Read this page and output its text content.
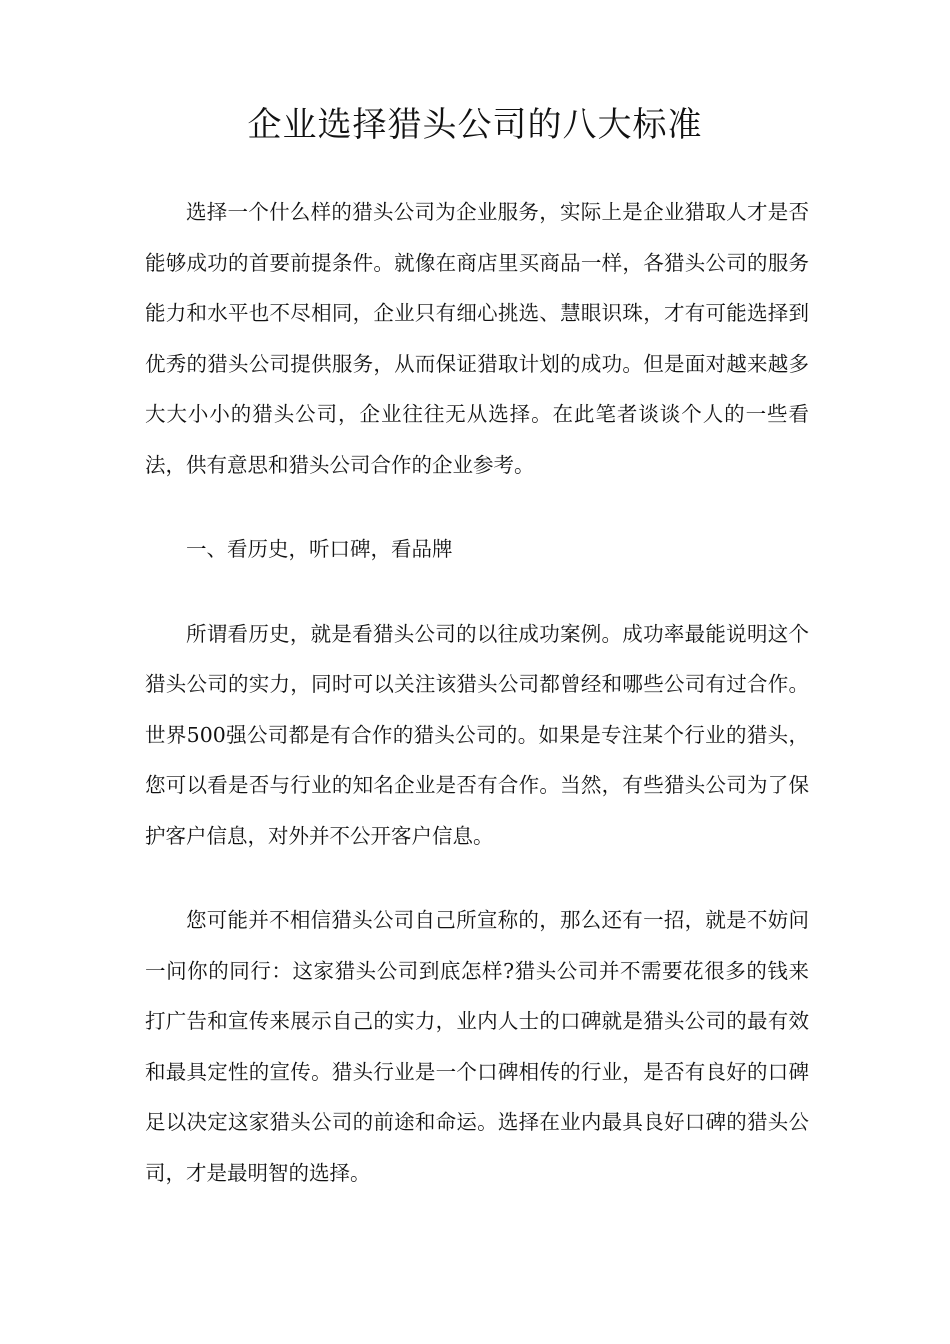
企业选择猎头公司的八大标准

选择一个什么样的猎头公司为企业服务，实际上是企业猎取人才是否能够成功的首要前提条件。就像在商店里买商品一样，各猎头公司的服务能力和水平也不尽相同，企业只有细心挑选、慧眼识珠，才有可能选择到优秀的猎头公司提供服务，从而保证猎取计划的成功。但是面对越来越多大大小小的猎头公司，企业往往无从选择。在此笔者谈谈个人的一些看法，供有意思和猎头公司合作的企业参考。

一、看历史，听口碑，看品牌

所谓看历史，就是看猎头公司的以往成功案例。成功率最能说明这个猎头公司的实力，同时可以关注该猎头公司都曾经和哪些公司有过合作。世界500强公司都是有合作的猎头公司的。如果是专注某个行业的猎头，您可以看是否与行业的知名企业是否有合作。当然，有些猎头公司为了保护客户信息，对外并不公开客户信息。

您可能并不相信猎头公司自己所宣称的，那么还有一招，就是不妨问一问你的同行：这家猎头公司到底怎样?猎头公司并不需要花很多的钱来打广告和宣传来展示自己的实力，业内人士的口碑就是猎头公司的最有效和最具定性的宣传。猎头行业是一个口碑相传的行业，是否有良好的口碑足以决定这家猎头公司的前途和命运。选择在业内最具良好口碑的猎头公司，才是最明智的选择。
